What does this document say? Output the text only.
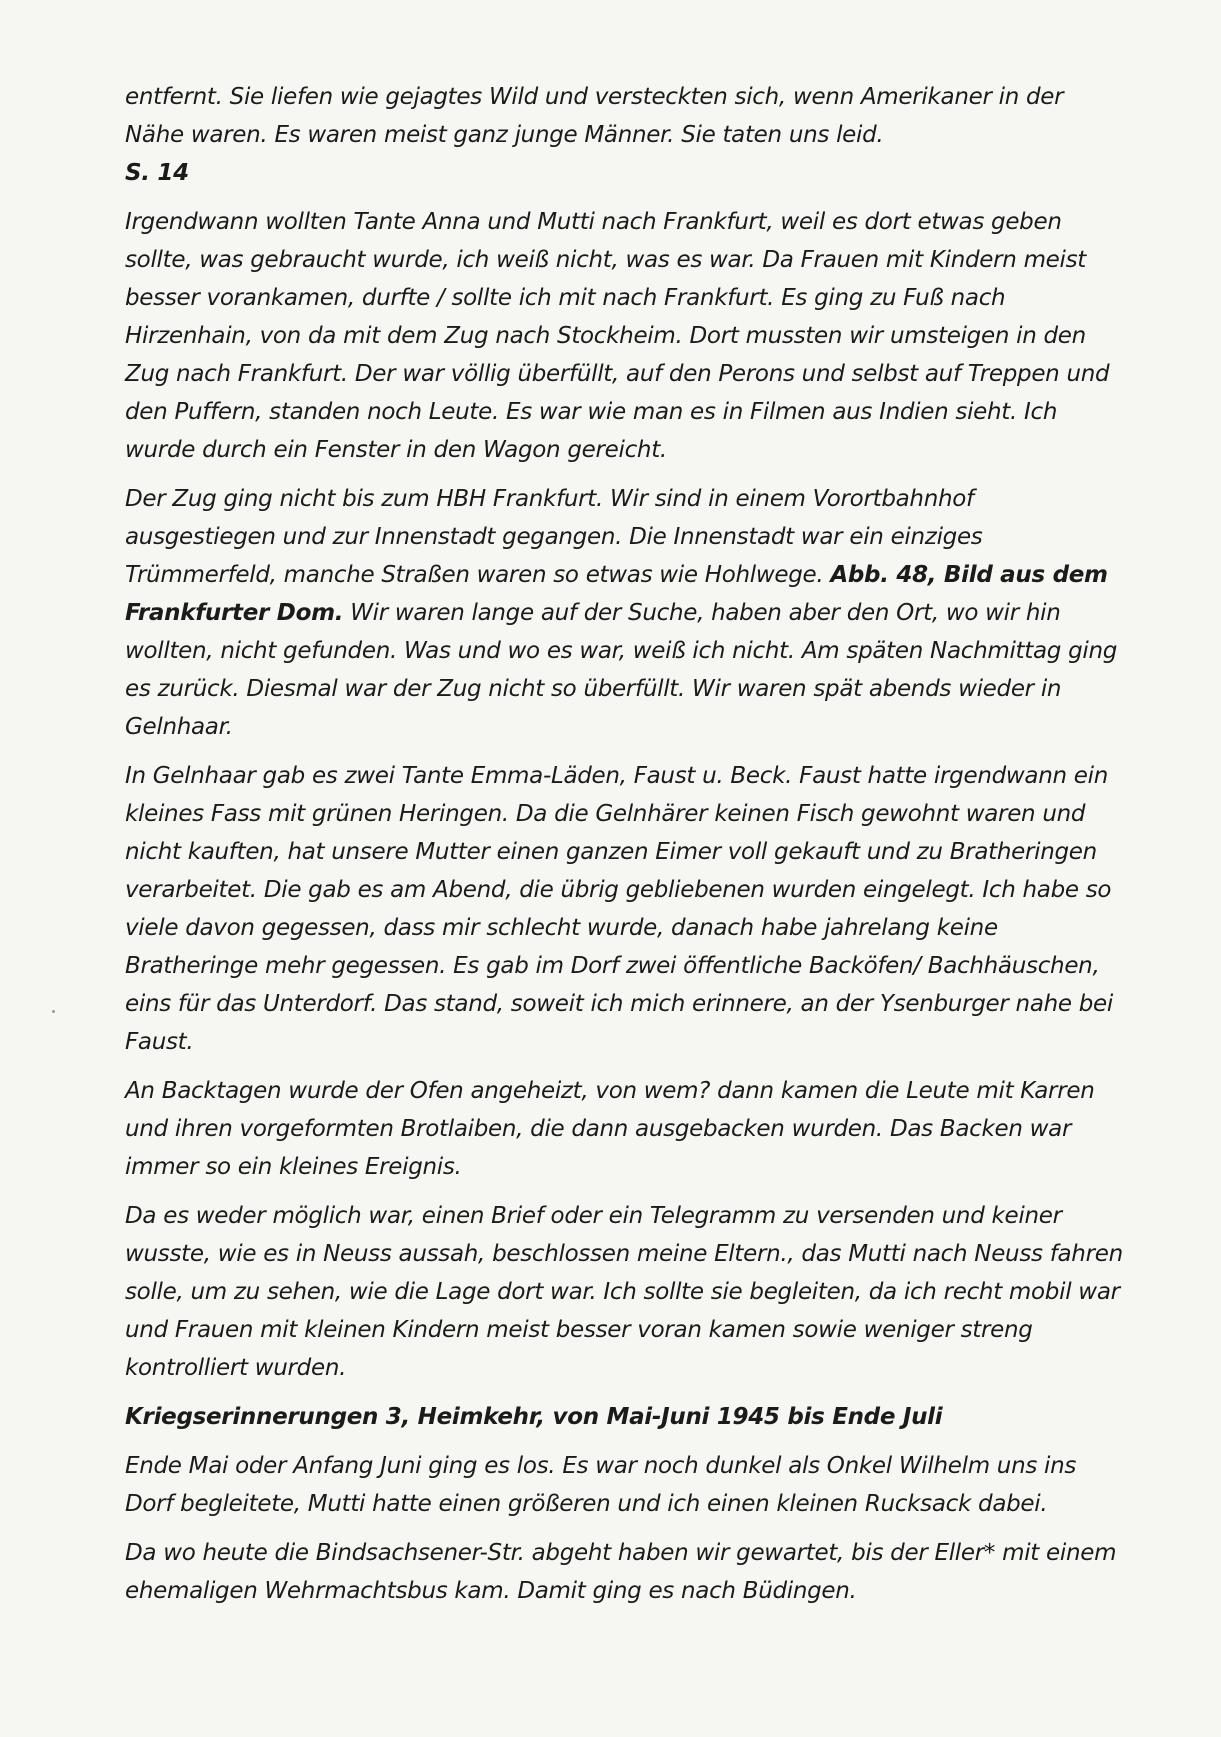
entfernt. Sie liefen wie gejagtes Wild und versteckten sich, wenn Amerikaner in der Nähe waren. Es waren meist ganz junge Männer. Sie taten uns leid.

S. 14

Irgendwann wollten Tante Anna und Mutti nach Frankfurt, weil es dort etwas geben sollte, was gebraucht wurde, ich weiß nicht, was es war. Da Frauen mit Kindern meist besser vorankamen, durfte / sollte ich mit nach Frankfurt. Es ging zu Fuß nach Hirzenhain, von da mit dem Zug nach Stockheim. Dort mussten wir umsteigen in den Zug nach Frankfurt. Der war völlig überfüllt, auf den Perons und selbst auf Treppen und den Puffern, standen noch Leute. Es war wie man es in Filmen aus Indien sieht. Ich wurde durch ein Fenster in den Wagon gereicht.

Der Zug ging nicht bis zum HBH Frankfurt. Wir sind in einem Vorortbahnhof ausgestiegen und zur Innenstadt gegangen. Die Innenstadt war ein einziges Trümmerfeld, manche Straßen waren so etwas wie Hohlwege. Abb. 48, Bild aus dem Frankfurter Dom. Wir waren lange auf der Suche, haben aber den Ort, wo wir hin wollten, nicht gefunden. Was und wo es war, weiß ich nicht. Am späten Nachmittag ging es zurück. Diesmal war der Zug nicht so überfüllt. Wir waren spät abends wieder in Gelnhaar.

In Gelnhaar gab es zwei Tante Emma-Läden, Faust u. Beck. Faust hatte irgendwann ein kleines Fass mit grünen Heringen. Da die Gelnhärer keinen Fisch gewohnt waren und nicht kauften, hat unsere Mutter einen ganzen Eimer voll gekauft und zu Bratheringen verarbeitet. Die gab es am Abend, die übrig gebliebenen wurden eingelegt. Ich habe so viele davon gegessen, dass mir schlecht wurde, danach habe jahrelang keine Bratheringe mehr gegessen. Es gab im Dorf zwei öffentliche Backöfen/ Bachhäuschen, eins für das Unterdorf. Das stand, soweit ich mich erinnere, an der Ysenburger nahe bei Faust.

An Backtagen wurde der Ofen angeheizt, von wem? dann kamen die Leute mit Karren und ihren vorgeformten Brotlaiben, die dann ausgebacken wurden. Das Backen war immer so ein kleines Ereignis.

Da es weder möglich war, einen Brief oder ein Telegramm zu versenden und keiner wusste, wie es in Neuss aussah, beschlossen meine Eltern., das Mutti nach Neuss fahren solle, um zu sehen, wie die Lage dort war. Ich sollte sie begleiten, da ich recht mobil war und Frauen mit kleinen Kindern meist besser voran kamen sowie weniger streng kontrolliert wurden.

Kriegserinnerungen 3, Heimkehr, von Mai-Juni 1945 bis Ende Juli

Ende Mai oder Anfang Juni ging es los. Es war noch dunkel als Onkel Wilhelm uns ins Dorf begleitete, Mutti hatte einen größeren und ich einen kleinen Rucksack dabei.

Da wo heute die Bindsachsener-Str. abgeht haben wir gewartet, bis der Eller* mit einem ehemaligen Wehrmachtsbus kam. Damit ging es nach Büdingen.
